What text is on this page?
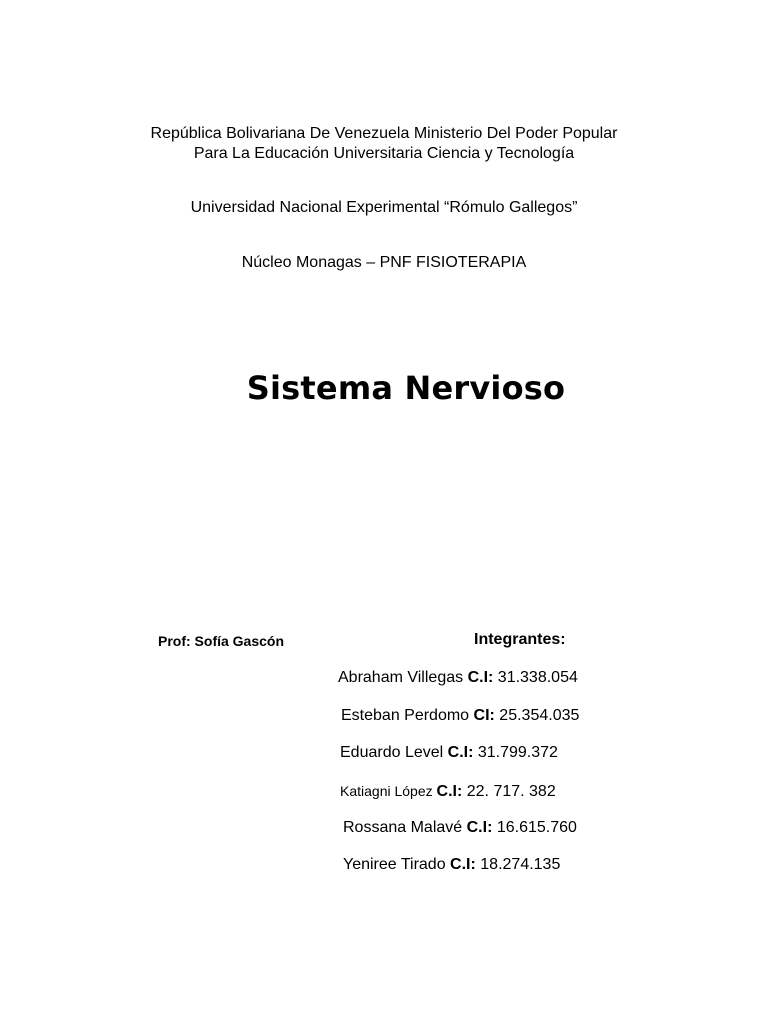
República Bolivariana De Venezuela Ministerio Del Poder Popular Para La Educación Universitaria Ciencia y Tecnología
Universidad Nacional Experimental “Rómulo Gallegos”
Núcleo Monagas – PNF FISIOTERAPIA
Sistema Nervioso
Prof: Sofía Gascón	Integrantes:
Abraham Villegas C.I: 31.338.054
Esteban Perdomo CI: 25.354.035
Eduardo Level C.I: 31.799.372
Katiagni López C.I: 22. 717. 382
Rossana Malavé C.I: 16.615.760
Yeniree Tirado C.I: 18.274.135
